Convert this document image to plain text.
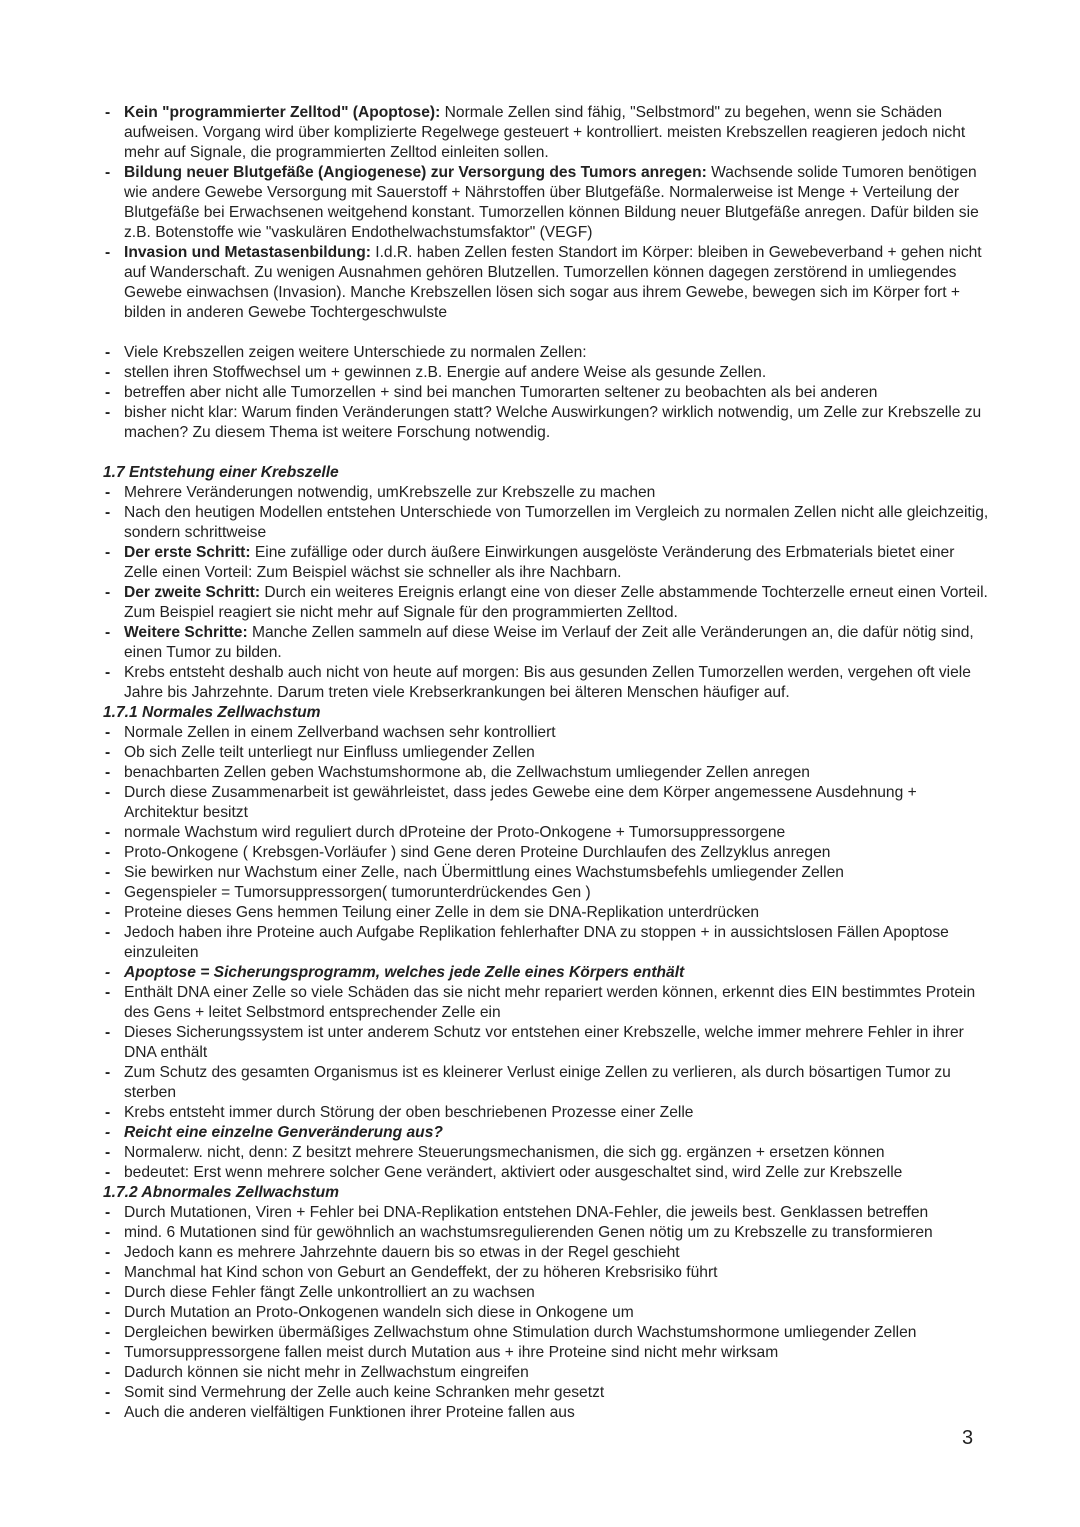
- Kein "programmierter Zelltod" (Apoptose): Normale Zellen sind fähig, "Selbstmord" zu begehen, wenn sie Schäden aufweisen. Vorgang wird über komplizierte Regelwege gesteuert + kontrolliert. meisten Krebszellen reagieren jedoch nicht mehr auf Signale, die programmierten Zelltod einleiten sollen.
- Bildung neuer Blutgefäße (Angiogenese) zur Versorgung des Tumors anregen: Wachsende solide Tumoren benötigen wie andere Gewebe Versorgung mit Sauerstoff + Nährstoffen über Blutgefäße. Normalerweise ist Menge + Verteilung der Blutgefäße bei Erwachsenen weitgehend konstant. Tumorzellen können Bildung neuer Blutgefäße anregen. Dafür bilden sie z.B. Botenstoffe wie "vaskulären Endothelwachstumsfaktor" (VEGF)
- Invasion und Metastasenbildung: I.d.R. haben Zellen festen Standort im Körper: bleiben in Gewebeverband + gehen nicht auf Wanderschaft. Zu wenigen Ausnahmen gehören Blutzellen. Tumorzellen können dagegen zerstörend in umliegendes Gewebe einwachsen (Invasion). Manche Krebszellen lösen sich sogar aus ihrem Gewebe, bewegen sich im Körper fort + bilden in anderen Gewebe Tochtergeschwulste
- Viele Krebszellen zeigen weitere Unterschiede zu normalen Zellen:
- stellen ihren Stoffwechsel um + gewinnen z.B. Energie auf andere Weise als gesunde Zellen.
- betreffen aber nicht alle Tumorzellen + sind bei manchen Tumorarten seltener zu beobachten als bei anderen
- bisher nicht klar: Warum finden Veränderungen statt? Welche Auswirkungen? wirklich notwendig, um Zelle zur Krebszelle zu machen? Zu diesem Thema ist weitere Forschung notwendig.
1.7 Entstehung einer Krebszelle
- Mehrere Veränderungen notwendig, umKrebszelle zur Krebszelle zu machen
- Nach den heutigen Modellen entstehen Unterschiede von Tumorzellen im Vergleich zu normalen Zellen nicht alle gleichzeitig, sondern schrittweise
- Der erste Schritt: Eine zufällige oder durch äußere Einwirkungen ausgelöste Veränderung des Erbmaterials bietet einer Zelle einen Vorteil: Zum Beispiel wächst sie schneller als ihre Nachbarn.
- Der zweite Schritt: Durch ein weiteres Ereignis erlangt eine von dieser Zelle abstammende Tochterzelle erneut einen Vorteil. Zum Beispiel reagiert sie nicht mehr auf Signale für den programmierten Zelltod.
- Weitere Schritte: Manche Zellen sammeln auf diese Weise im Verlauf der Zeit alle Veränderungen an, die dafür nötig sind, einen Tumor zu bilden.
- Krebs entsteht deshalb auch nicht von heute auf morgen: Bis aus gesunden Zellen Tumorzellen werden, vergehen oft viele Jahre bis Jahrzehnte. Darum treten viele Krebserkrankungen bei älteren Menschen häufiger auf.
1.7.1 Normales Zellwachstum
- Normale Zellen in einem Zellverband wachsen sehr kontrolliert
- Ob sich Zelle teilt unterliegt nur Einfluss umliegender Zellen
- benachbarten Zellen geben Wachstumshormone ab, die Zellwachstum umliegender Zellen anregen
- Durch diese Zusammenarbeit ist gewährleistet, dass jedes Gewebe eine dem Körper angemessene Ausdehnung + Architektur besitzt
- normale Wachstum wird reguliert durch dProteine der Proto-Onkogene + Tumorsuppressorgene
- Proto-Onkogene ( Krebsgen-Vorläufer ) sind Gene deren Proteine Durchlaufen des Zellzyklus anregen
- Sie bewirken nur Wachstum einer Zelle, nach Übermittlung eines Wachstumsbefehls umliegender Zellen
- Gegenspieler = Tumorsuppressorgen( tumorunterdrückendes Gen )
- Proteine dieses Gens hemmen Teilung einer Zelle in dem sie DNA-Replikation unterdrücken
- Jedoch haben ihre Proteine auch Aufgabe Replikation fehlerhafter DNA zu stoppen + in aussichtslosen Fällen Apoptose einzuleiten
- Apoptose = Sicherungsprogramm, welches jede Zelle eines Körpers enthält
- Enthält DNA einer Zelle so viele Schäden das sie nicht mehr repariert werden können, erkennt dies EIN bestimmtes Protein des Gens + leitet Selbstmord entsprechender Zelle ein
- Dieses Sicherungssystem ist unter anderem Schutz vor entstehen einer Krebszelle, welche immer mehrere Fehler in ihrer DNA enthält
- Zum Schutz des gesamten Organismus ist es kleinerer Verlust einige Zellen zu verlieren, als durch bösartigen Tumor zu sterben
- Krebs entsteht immer durch Störung der oben beschriebenen Prozesse einer Zelle
- Reicht eine einzelne Genveränderung aus?
- Normalerw. nicht, denn: Z besitzt mehrere Steuerungsmechanismen, die sich gg. ergänzen + ersetzen können
- bedeutet: Erst wenn mehrere solcher Gene verändert, aktiviert oder ausgeschaltet sind, wird Zelle zur Krebszelle
1.7.2 Abnormales Zellwachstum
- Durch Mutationen, Viren + Fehler bei DNA-Replikation entstehen DNA-Fehler, die jeweils best. Genklassen betreffen
- mind. 6 Mutationen sind für gewöhnlich an wachstumsregulierenden Genen nötig um zu Krebszelle zu transformieren
- Jedoch kann es mehrere Jahrzehnte dauern bis so etwas in der Regel geschieht
- Manchmal hat Kind schon von Geburt an Gendeffekt, der zu höheren Krebsrisiko führt
- Durch diese Fehler fängt Zelle unkontrolliert an zu wachsen
- Durch Mutation an Proto-Onkogenen wandeln sich diese in Onkogene um
- Dergleichen bewirken übermäßiges Zellwachstum ohne Stimulation durch Wachstumshormone umliegender Zellen
- Tumorsuppressorgene fallen meist durch Mutation aus + ihre Proteine sind nicht mehr wirksam
- Dadurch können sie nicht mehr in Zellwachstum eingreifen
- Somit sind Vermehrung der Zelle auch keine Schranken mehr gesetzt
- Auch die anderen vielfältigen Funktionen ihrer Proteine fallen aus
3
